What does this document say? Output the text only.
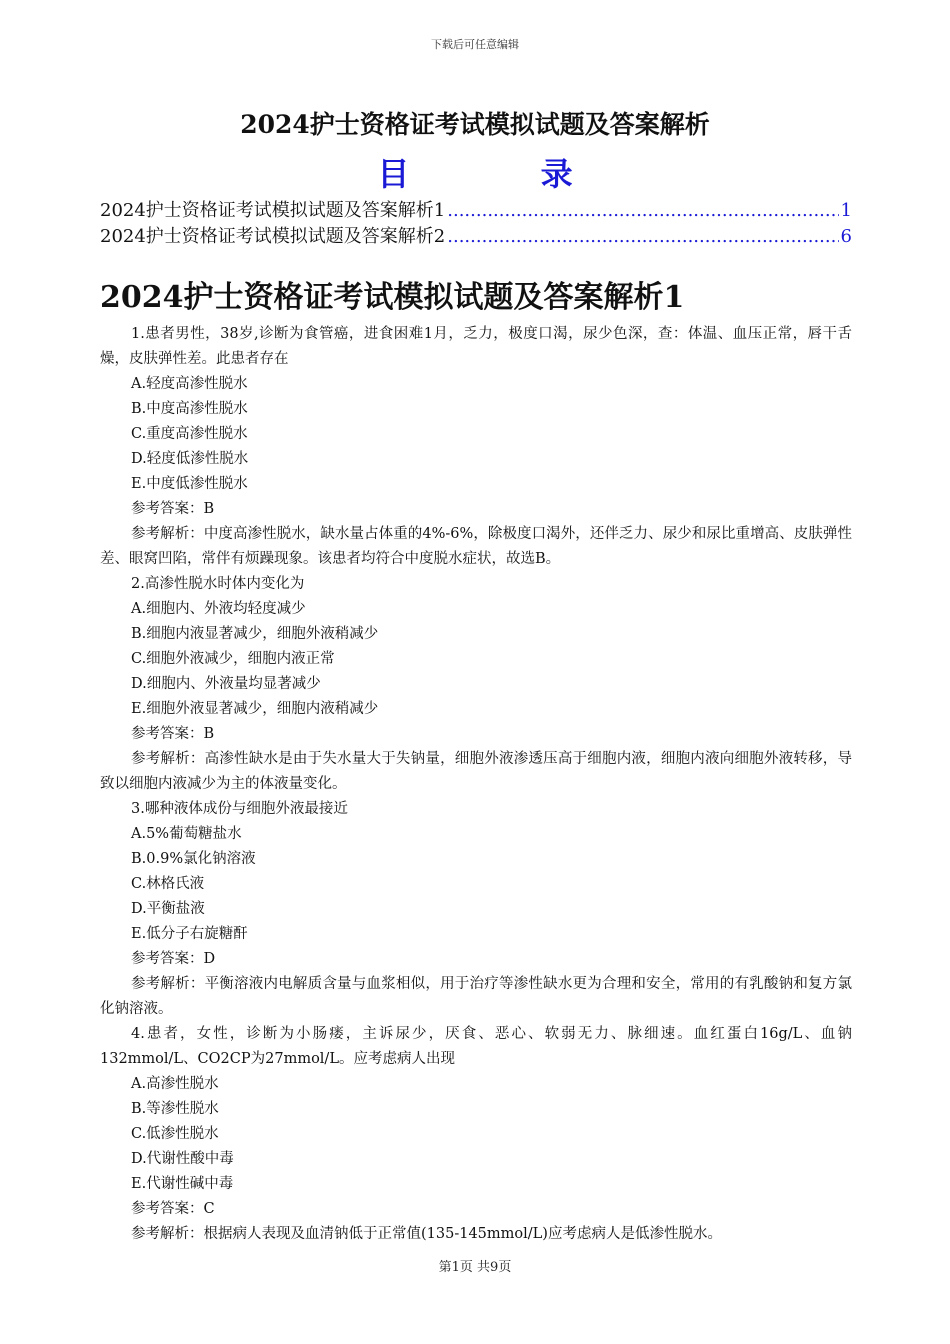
下载后可任意编辑
2024护士资格证考试模拟试题及答案解析
目 录
2024护士资格证考试模拟试题及答案解析1 .....	1
2024护士资格证考试模拟试题及答案解析2 .....	6
2024护士资格证考试模拟试题及答案解析1

1.患者男性，38岁,诊断为食管癌，进食困难1月，乏力，极度口渴，尿少色深，查：体温、血压正常，唇干舌燥，皮肤弹性差。此患者存在

A.轻度高渗性脱水

B.中度高渗性脱水

C.重度高渗性脱水

D.轻度低渗性脱水

E.中度低渗性脱水

参考答案：B

参考解析：中度高渗性脱水，缺水量占体重的4%-6%，除极度口渴外，还伴乏力、尿少和尿比重增高、皮肤弹性差、眼窝凹陷，常伴有烦躁现象。该患者均符合中度脱水症状，故选B。

2.高渗性脱水时体内变化为

A.细胞内、外液均轻度减少

B.细胞内液显著减少，细胞外液稍减少

C.细胞外液减少，细胞内液正常

D.细胞内、外液量均显著减少

E.细胞外液显著减少，细胞内液稍减少

参考答案：B

参考解析：高渗性缺水是由于失水量大于失钠量，细胞外液渗透压高于细胞内液，细胞内液向细胞外液转移，导致以细胞内液减少为主的体液量变化。

3.哪种液体成份与细胞外液最接近

A.5%葡萄糖盐水

B.0.9%氯化钠溶液

C.林格氏液

D.平衡盐液

E.低分子右旋糖酐

参考答案：D

参考解析：平衡溶液内电解质含量与血浆相似，用于治疗等渗性缺水更为合理和安全，常用的有乳酸钠和复方氯化钠溶液。

4.患者，女性，诊断为小肠瘘，主诉尿少，厌食、恶心、软弱无力、脉细速。血红蛋白16g/L、血钠132mmol/L、CO2CP为27mmol/L。应考虑病人出现

A.高渗性脱水

B.等渗性脱水

C.低渗性脱水

D.代谢性酸中毒

E.代谢性碱中毒

参考答案：C

参考解析：根据病人表现及血清钠低于正常值(135-145mmol/L)应考虑病人是低渗性脱水。

第1页 共9页
